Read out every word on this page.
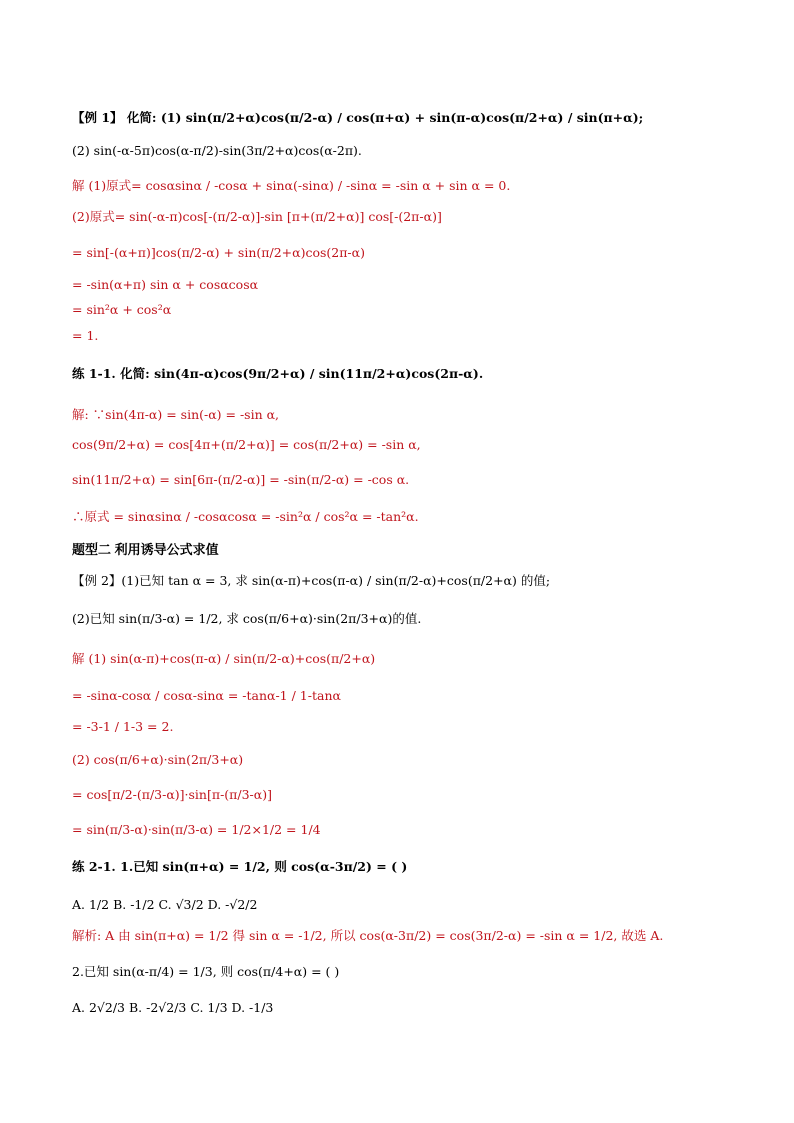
【例 1】 化简: (1) sin(π/2+α)cos(π/2-α) / cos(π+α) + sin(π-α)cos(π/2+α) / sin(π+α);
(2) sin(-α-5π)cos(α-π/2)-sin(3π/2+α)cos(α-2π).
解 (1)原式= cosαsinα / -cosα + sinα(-sinα) / -sinα = -sin α + sin α = 0.
(2)原式= sin(-α-π)cos[-(π/2-α)]-sin [π+(π/2+α)] cos[-(2π-α)]
= sin[-(α+π)]cos(π/2-α) + sin(π/2+α)cos(2π-α)
= -sin(α+π) sin α + cosαcosα
= sin²α + cos²α
= 1.
练 1-1. 化简: sin(4π-α)cos(9π/2+α) / sin(11π/2+α)cos(2π-α).
解: ∵sin(4π-α) = sin(-α) = -sin α,
cos(9π/2+α) = cos[4π+(π/2+α)] = cos(π/2+α) = -sin α,
sin(11π/2+α) = sin[6π-(π/2-α)] = -sin(π/2-α) = -cos α.
∴原式 = sinαsinα / -cosαcosα = -sin²α / cos²α = -tan²α.
题型二 利用诱导公式求值
【例 2】(1)已知 tan α = 3, 求 sin(α-π)+cos(π-α) / sin(π/2-α)+cos(π/2+α) 的值;
(2)已知 sin(π/3-α) = 1/2, 求 cos(π/6+α)·sin(2π/3+α)的值.
解 (1) sin(α-π)+cos(π-α) / sin(π/2-α)+cos(π/2+α)
= -sinα-cosα / cosα-sinα = -tanα-1 / 1-tanα
= -3-1 / 1-3 = 2.
(2) cos(π/6+α)·sin(2π/3+α)
= cos[π/2-(π/3-α)]·sin[π-(π/3-α)]
= sin(π/3-α)·sin(π/3-α) = 1/2×1/2 = 1/4
练 2-1. 1.已知 sin(π+α) = 1/2, 则 cos(α-3π/2) = ( )
A. 1/2 B. -1/2 C. √3/2 D. -√2/2
解析: A 由 sin(π+α) = 1/2 得 sin α = -1/2, 所以 cos(α-3π/2) = cos(3π/2-α) = -sin α = 1/2, 故选 A.
2.已知 sin(α-π/4) = 1/3, 则 cos(π/4+α) = ( )
A. 2√2/3 B. -2√2/3 C. 1/3 D. -1/3
